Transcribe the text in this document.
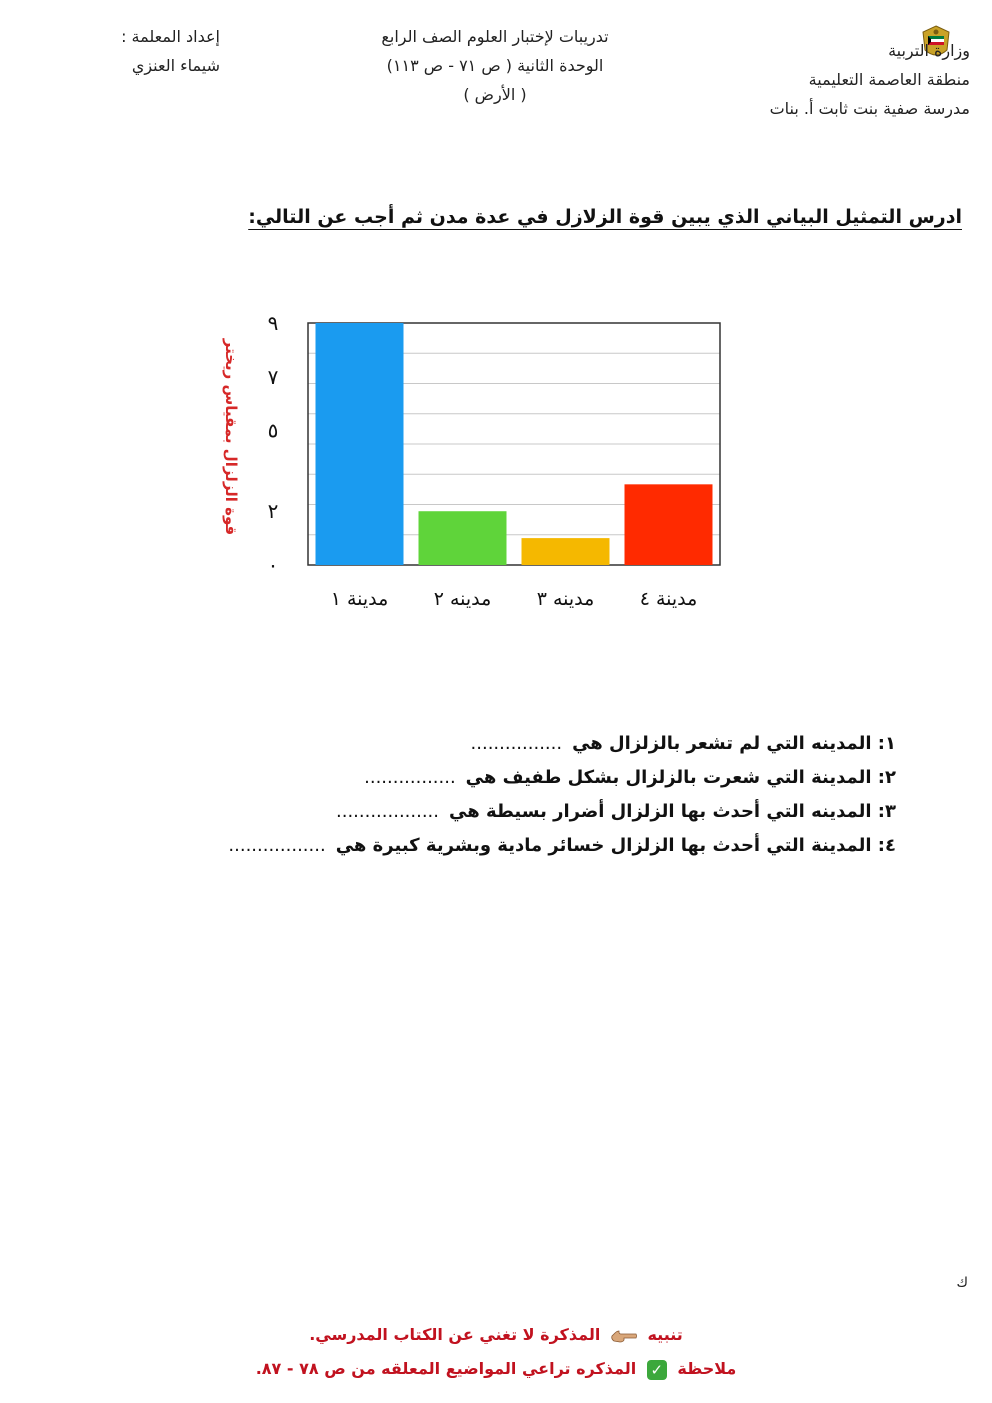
وزارة التربية
منطقة العاصمة التعليمية
مدرسة صفية بنت ثابت أ. بنات
تدريبات لإختبار العلوم الصف الرابع
الوحدة الثانية ( ص ٧١ - ص ١١٣)
( الأرض )
إعداد المعلمة :
شيماء العنزي
ادرس التمثيل البياني الذي يبين قوة الزلازل في عدة مدن ثم أجب عن التالي:
مدينة ١ مدينه ٢ مدينه ٣ مدينة ٤
٠
٢
٥
٧
٩
قوة الزلزال بمقياس ريختر
١: المدينه التي لم تشعر بالزلزال هي................
٢: المدينة التي شعرت بالزلزال بشكل طفيف هي................
٣: المدينه التي أحدث بها الزلزال أضرار بسيطة هي..................
٤: المدينة التي أحدث بها الزلزال خسائر مادية وبشرية كبيرة هي.................
ك
تنبيه  المذكرة لا تغني عن الكتاب المدرسي.
ملاحظة ✓ المذكره تراعي المواضيع المعلقه من ص ٧٨ - ٨٧.
